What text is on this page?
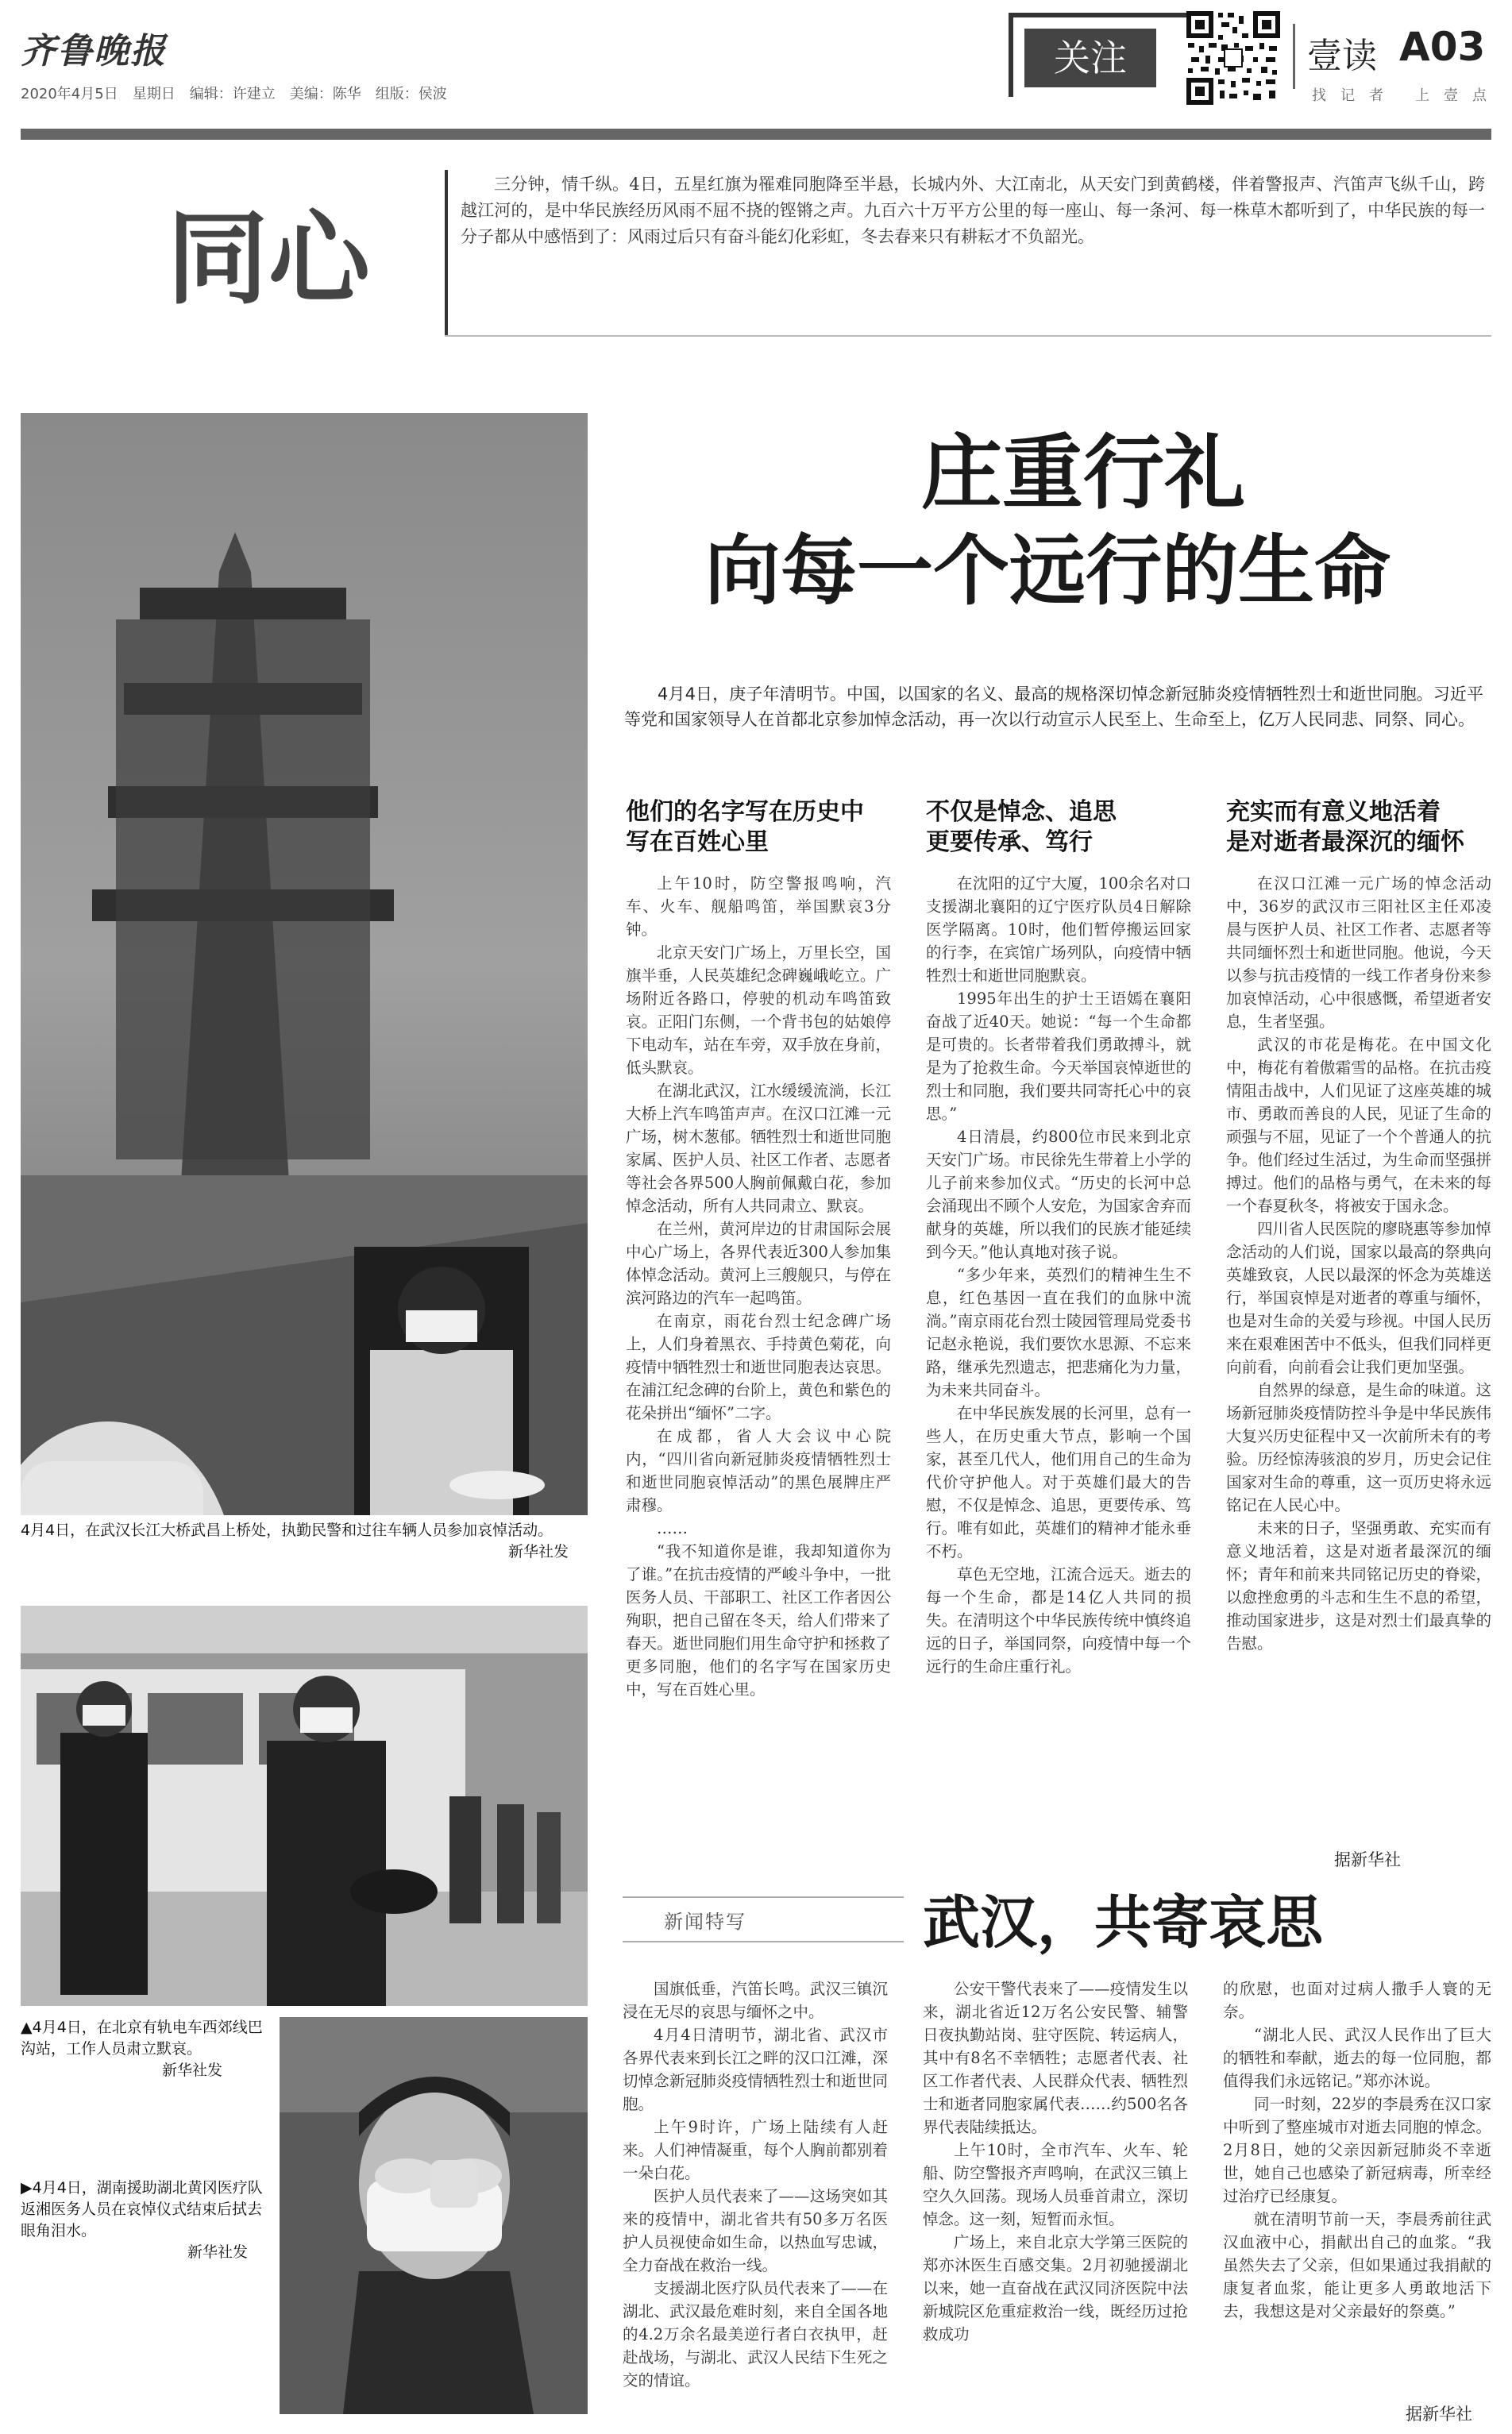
齐鲁晚报
2020年4月5日　星期日　编辑：许建立　美编：陈华　组版：侯波
关注	壹读 A03
找　记　者 上　壹　点
同心
三分钟，情千纵。4日，五星红旗为罹难同胞降至半悬，长城内外、大江南北，从天安门到黄鹤楼，伴着警报声、汽笛声飞纵千山，跨越江河的，是中华民族经历风雨不屈不挠的铿锵之声。九百六十万平方公里的每一座山、每一条河、每一株草木都听到了，中华民族的每一分子都从中感悟到了：风雨过后只有奋斗能幻化彩虹，冬去春来只有耕耘才不负韶光。
4月4日，在武汉长江大桥武昌上桥处，执勤民警和过往车辆人员参加哀悼活动。
新华社发
▲4月4日，在北京有轨电车西郊线巴沟站，工作人员肃立默哀。
新华社发
▶4月4日，湖南援助湖北黄冈医疗队返湘医务人员在哀悼仪式结束后拭去眼角泪水。
新华社发
庄重行礼
向每一个远行的生命
4月4日，庚子年清明节。中国，以国家的名义、最高的规格深切悼念新冠肺炎疫情牺牲烈士和逝世同胞。习近平等党和国家领导人在首都北京参加悼念活动，再一次以行动宣示人民至上、生命至上，亿万人民同悲、同祭、同心。
他们的名字写在历史中
写在百姓心里

上午10时，防空警报鸣响，汽车、火车、舰船鸣笛，举国默哀3分钟。

北京天安门广场上，万里长空，国旗半垂，人民英雄纪念碑巍峨屹立。广场附近各路口，停驶的机动车鸣笛致哀。正阳门东侧，一个背书包的姑娘停下电动车，站在车旁，双手放在身前，低头默哀。

在湖北武汉，江水缓缓流淌，长江大桥上汽车鸣笛声声。在汉口江滩一元广场，树木葱郁。牺牲烈士和逝世同胞家属、医护人员、社区工作者、志愿者等社会各界500人胸前佩戴白花，参加悼念活动，所有人共同肃立、默哀。

在兰州，黄河岸边的甘肃国际会展中心广场上，各界代表近300人参加集体悼念活动。黄河上三艘舰只，与停在滨河路边的汽车一起鸣笛。

在南京，雨花台烈士纪念碑广场上，人们身着黑衣、手持黄色菊花，向疫情中牺牲烈士和逝世同胞表达哀思。在浦江纪念碑的台阶上，黄色和紫色的花朵拼出“缅怀”二字。

在成都，省人大会议中心院内，“四川省向新冠肺炎疫情牺牲烈士和逝世同胞哀悼活动”的黑色展牌庄严肃穆。

……

“我不知道你是谁，我却知道你为了谁。”在抗击疫情的严峻斗争中，一批医务人员、干部职工、社区工作者因公殉职，把自己留在冬天，给人们带来了春天。逝世同胞们用生命守护和拯救了更多同胞，他们的名字写在国家历史中，写在百姓心里。

不仅是悼念、追思
更要传承、笃行

在沈阳的辽宁大厦，100余名对口支援湖北襄阳的辽宁医疗队员4日解除医学隔离。10时，他们暂停搬运回家的行李，在宾馆广场列队，向疫情中牺牲烈士和逝世同胞默哀。

1995年出生的护士王语嫣在襄阳奋战了近40天。她说：“每一个生命都是可贵的。长者带着我们勇敢搏斗，就是为了抢救生命。今天举国哀悼逝世的烈士和同胞，我们要共同寄托心中的哀思。”

4日清晨，约800位市民来到北京天安门广场。市民徐先生带着上小学的儿子前来参加仪式。“历史的长河中总会涌现出不顾个人安危，为国家舍弃而献身的英雄，所以我们的民族才能延续到今天。”他认真地对孩子说。

“多少年来，英烈们的精神生生不息，红色基因一直在我们的血脉中流淌。”南京雨花台烈士陵园管理局党委书记赵永艳说，我们要饮水思源、不忘来路，继承先烈遗志，把悲痛化为力量，为未来共同奋斗。

在中华民族发展的长河里，总有一些人，在历史重大节点，影响一个国家，甚至几代人，他们用自己的生命为代价守护他人。对于英雄们最大的告慰，不仅是悼念、追思，更要传承、笃行。唯有如此，英雄们的精神才能永垂不朽。

草色无空地，江流合远天。逝去的每一个生命，都是14亿人共同的损失。在清明这个中华民族传统中慎终追远的日子，举国同祭，向疫情中每一个远行的生命庄重行礼。

充实而有意义地活着
是对逝者最深沉的缅怀

在汉口江滩一元广场的悼念活动中，36岁的武汉市三阳社区主任邓凌晨与医护人员、社区工作者、志愿者等共同缅怀烈士和逝世同胞。他说，今天以参与抗击疫情的一线工作者身份来参加哀悼活动，心中很感慨，希望逝者安息，生者坚强。

武汉的市花是梅花。在中国文化中，梅花有着傲霜雪的品格。在抗击疫情阻击战中，人们见证了这座英雄的城市、勇敢而善良的人民，见证了生命的顽强与不屈，见证了一个个普通人的抗争。他们经过生活过，为生命而坚强拼搏过。他们的品格与勇气，在未来的每一个春夏秋冬，将被安于国永念。

四川省人民医院的廖晓惠等参加悼念活动的人们说，国家以最高的祭典向英雄致哀，人民以最深的怀念为英雄送行，举国哀悼是对逝者的尊重与缅怀，也是对生命的关爱与珍视。中国人民历来在艰难困苦中不低头，但我们同样更向前看，向前看会让我们更加坚强。

自然界的绿意，是生命的味道。这场新冠肺炎疫情防控斗争是中华民族伟大复兴历史征程中又一次前所未有的考验。历经惊涛骇浪的岁月，历史会记住国家对生命的尊重，这一页历史将永远铭记在人民心中。

未来的日子，坚强勇敢、充实而有意义地活着，这是对逝者最深沉的缅怀；青年和前来共同铭记历史的脊梁，以愈挫愈勇的斗志和生生不息的希望，推动国家进步，这是对烈士们最真挚的告慰。

据新华社
新闻特写	武汉，共寄哀思

国旗低垂，汽笛长鸣。武汉三镇沉浸在无尽的哀思与缅怀之中。

4月4日清明节，湖北省、武汉市各界代表来到长江之畔的汉口江滩，深切悼念新冠肺炎疫情牺牲烈士和逝世同胞。

上午9时许，广场上陆续有人赶来。人们神情凝重，每个人胸前都别着一朵白花。

医护人员代表来了——这场突如其来的疫情中，湖北省共有50多万名医护人员视使命如生命，以热血写忠诚，全力奋战在救治一线。

支援湖北医疗队员代表来了——在湖北、武汉最危难时刻，来自全国各地的4.2万余名最美逆行者白衣执甲，赶赴战场，与湖北、武汉人民结下生死之交的情谊。

公安干警代表来了——疫情发生以来，湖北省近12万名公安民警、辅警日夜执勤站岗、驻守医院、转运病人，其中有8名不幸牺牲；志愿者代表、社区工作者代表、人民群众代表、牺牲烈士和逝者同胞家属代表……约500名各界代表陆续抵达。

上午10时，全市汽车、火车、轮船、防空警报齐声鸣响，在武汉三镇上空久久回荡。现场人员垂首肃立，深切悼念。这一刻，短暂而永恒。

广场上，来自北京大学第三医院的郑亦沐医生百感交集。2月初驰援湖北以来，她一直奋战在武汉同济医院中法新城院区危重症救治一线，既经历过抢救成功

的欣慰，也面对过病人撒手人寰的无奈。

“湖北人民、武汉人民作出了巨大的牺牲和奉献，逝去的每一位同胞，都值得我们永远铭记。”郑亦沐说。

同一时刻，22岁的李晨秀在汉口家中听到了整座城市对逝去同胞的悼念。2月8日，她的父亲因新冠肺炎不幸逝世，她自己也感染了新冠病毒，所幸经过治疗已经康复。

就在清明节前一天，李晨秀前往武汉血液中心，捐献出自己的血浆。“我虽然失去了父亲，但如果通过我捐献的康复者血浆，能让更多人勇敢地活下去，我想这是对父亲最好的祭奠。”

据新华社
